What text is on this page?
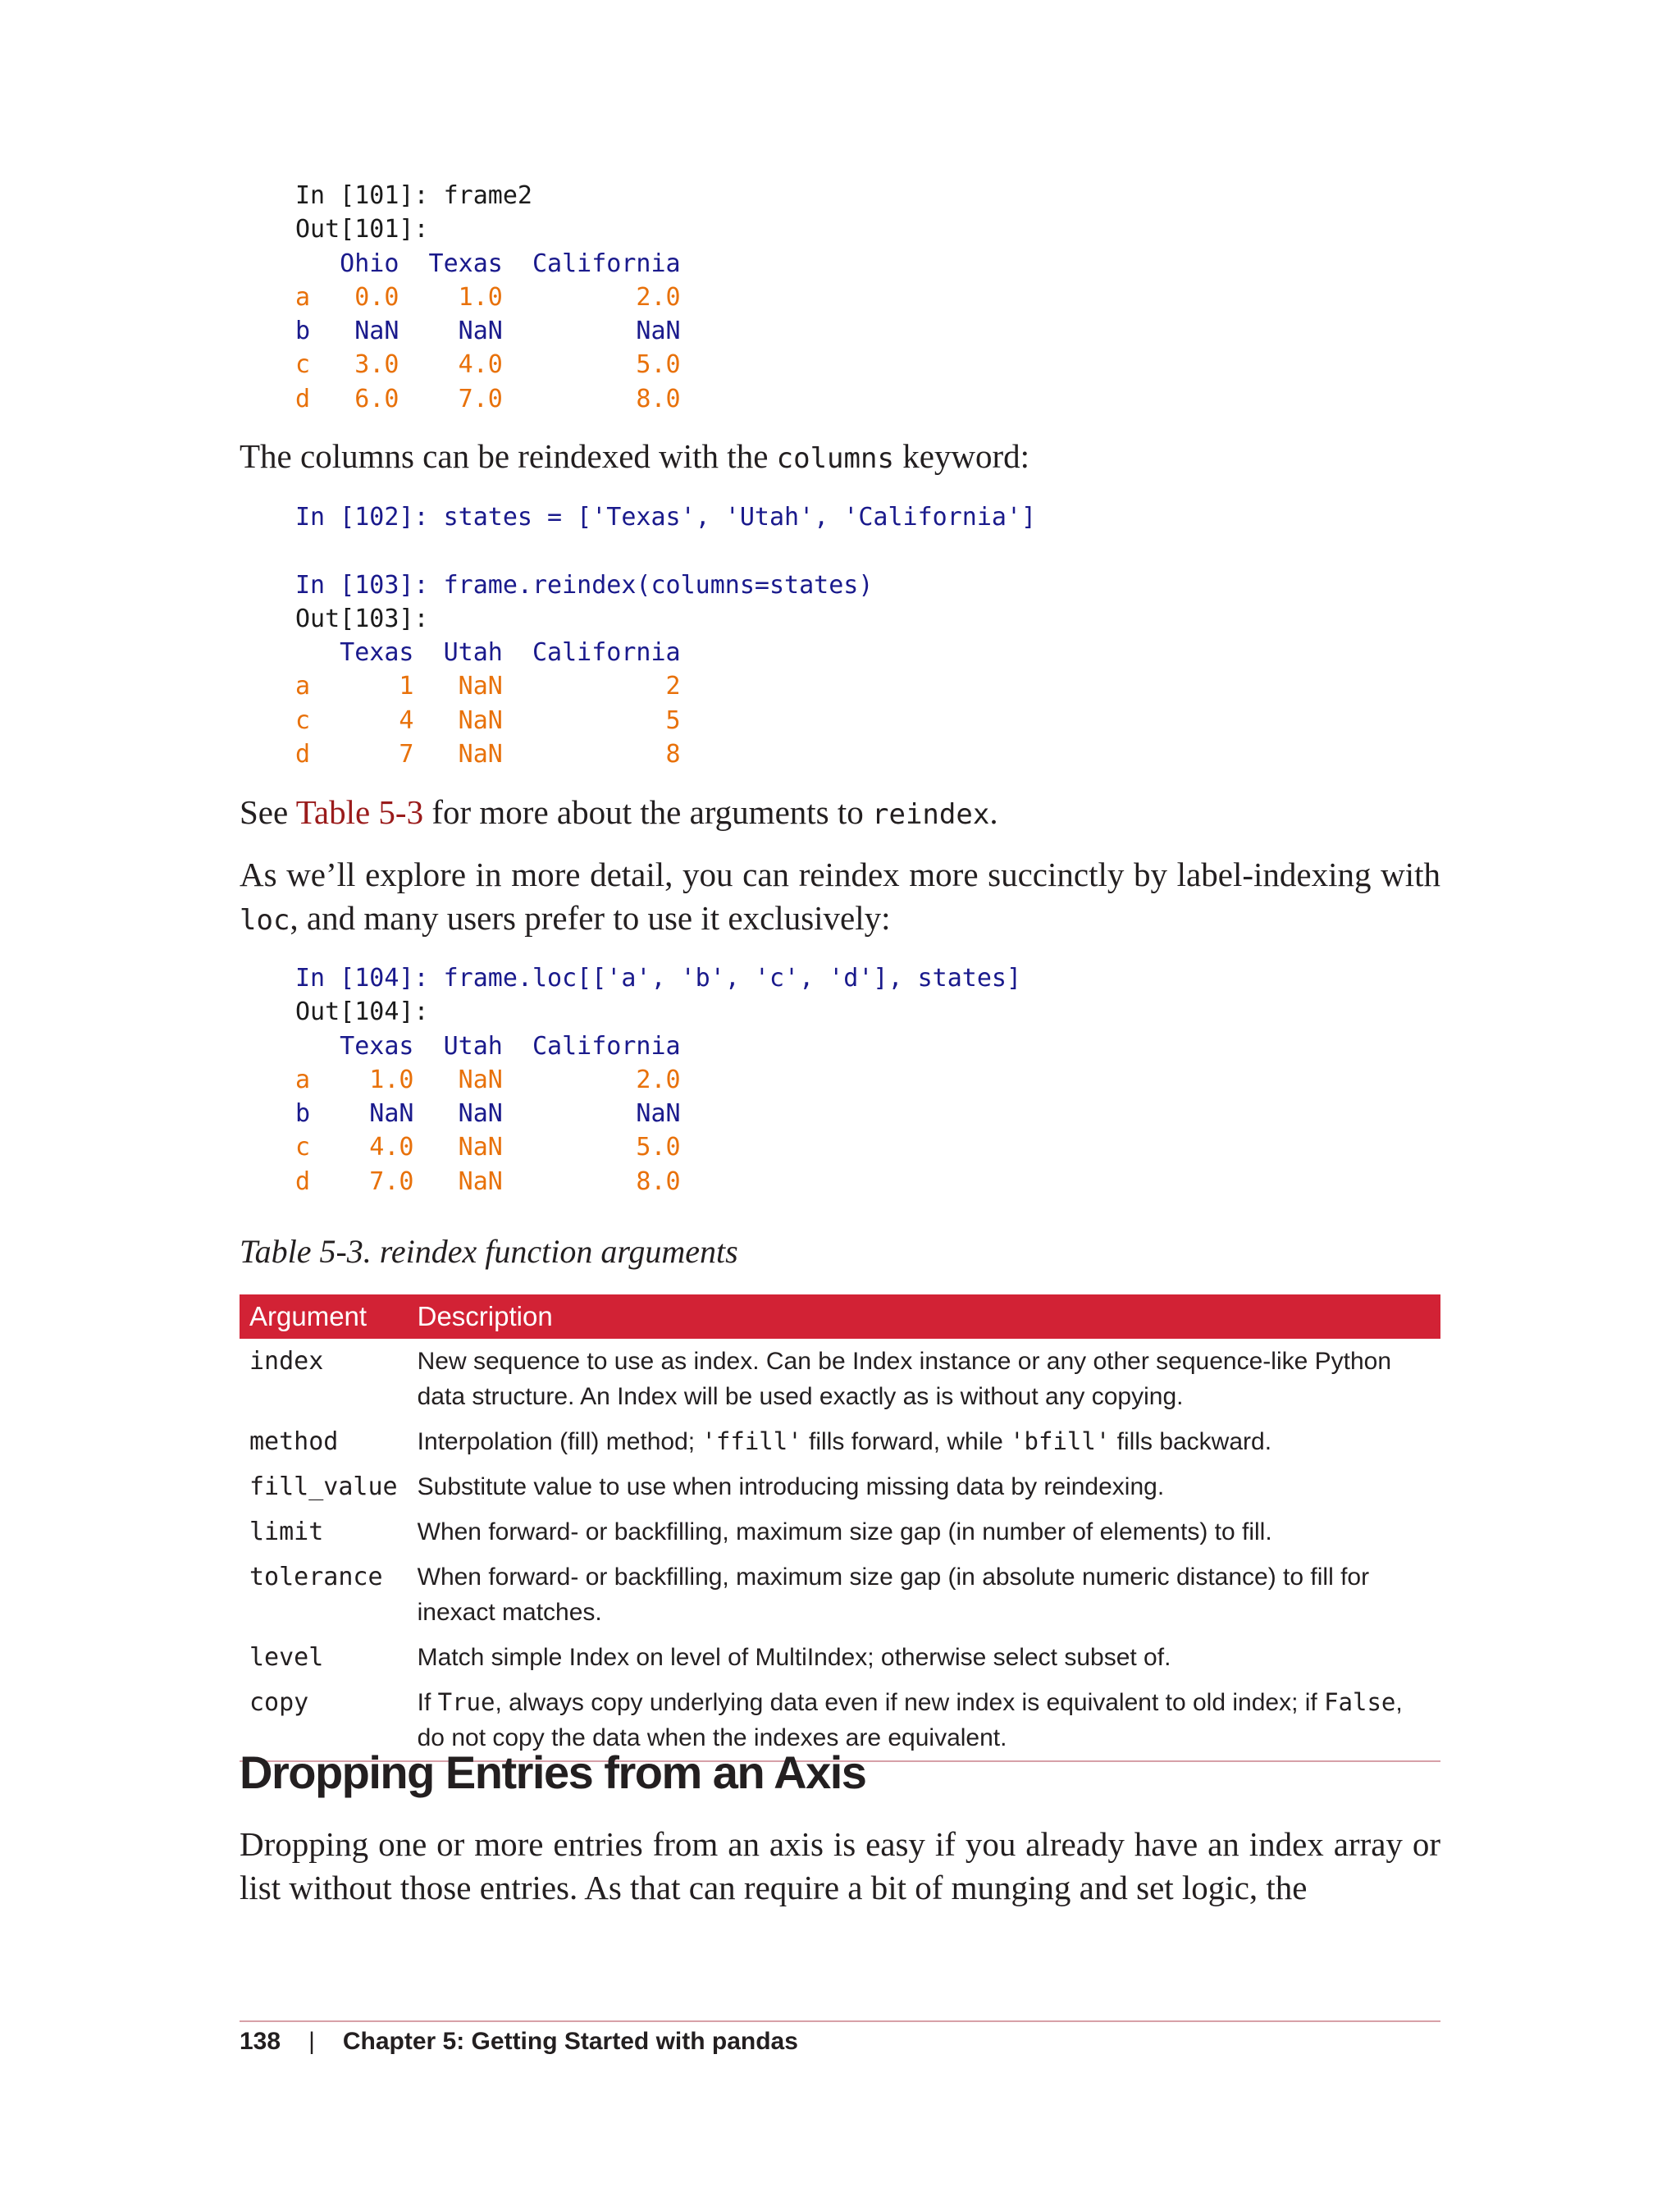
In [101]: frame2
Out[101]:
Ohio  Texas  California
a   0.0    1.0         2.0
b   NaN    NaN         NaN
c   3.0    4.0         5.0
d   6.0    7.0         8.0

The columns can be reindexed with the columns keyword:

In [102]: states = ['Texas', 'Utah', 'California']

In [103]: frame.reindex(columns=states)
Out[103]:
Texas  Utah  California
a      1   NaN           2
c      4   NaN           5
d      7   NaN           8

See Table 5-3 for more about the arguments to reindex.

As we’ll explore in more detail, you can reindex more succinctly by label-indexing with loc, and many users prefer to use it exclusively:

In [104]: frame.loc[['a', 'b', 'c', 'd'], states]
Out[104]:
Texas  Utah  California
a    1.0   NaN         2.0
b    NaN   NaN         NaN
c    4.0   NaN         5.0
d    7.0   NaN         8.0

Table 5-3. reindex function arguments

Argument	Description
index	New sequence to use as index. Can be Index instance or any other sequence-like Python data structure. An Index will be used exactly as is without any copying.
method	Interpolation (fill) method; 'ffill' fills forward, while 'bfill' fills backward.
fill_value	Substitute value to use when introducing missing data by reindexing.
limit	When forward- or backfilling, maximum size gap (in number of elements) to fill.
tolerance	When forward- or backfilling, maximum size gap (in absolute numeric distance) to fill for inexact matches.
level	Match simple Index on level of MultiIndex; otherwise select subset of.
copy	If True, always copy underlying data even if new index is equivalent to old index; if False, do not copy the data when the indexes are equivalent.
Dropping Entries from an Axis

Dropping one or more entries from an axis is easy if you already have an index array or list without those entries. As that can require a bit of munging and set logic, the

138 | Chapter 5: Getting Started with pandas
